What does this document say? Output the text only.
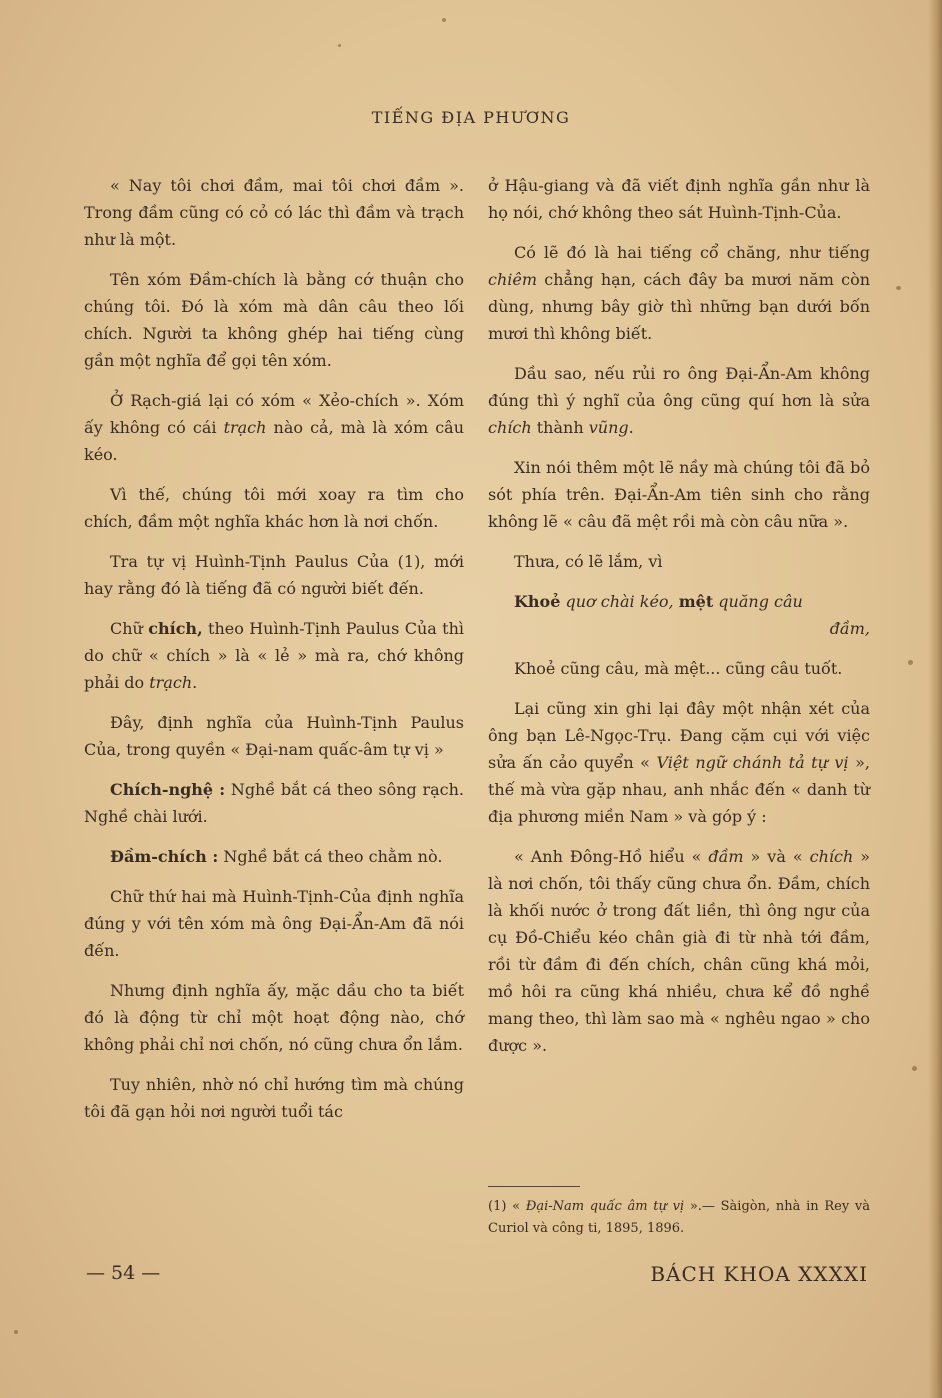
TIẾNG ĐỊA PHƯƠNG

« Nay tôi chơi đầm, mai tôi chơi đầm ». Trong đầm cũng có cỏ có lác thì đầm và trạch như là một.

Tên xóm Đầm-chích là bằng cớ thuận cho chúng tôi. Đó là xóm mà dân câu theo lối chích. Người ta không ghép hai tiếng cùng gần một nghĩa để gọi tên xóm.

Ở Rạch-giá lại có xóm « Xẻo-chích ». Xóm ấy không có cái trạch nào cả, mà là xóm câu kéo.

Vì thế, chúng tôi mới xoay ra tìm cho chích, đầm một nghĩa khác hơn là nơi chốn.

Tra tự vị Huình-Tịnh Paulus Của (1), mới hay rằng đó là tiếng đã có người biết đến.

Chữ chích, theo Huình-Tịnh Paulus Của thì do chữ « chích » là « lẻ » mà ra, chớ không phải do trạch.

Đây, định nghĩa của Huình-Tịnh Paulus Của, trong quyền « Đại-nam quấc-âm tự vị »

Chích-nghệ : Nghề bắt cá theo sông rạch. Nghề chài lưới.

Đầm-chích : Nghề bắt cá theo chằm nò.

Chữ thứ hai mà Huình-Tịnh-Của định nghĩa đúng y với tên xóm mà ông Đại-Ẩn-Am đã nói đến.

Nhưng định nghĩa ấy, mặc dầu cho ta biết đó là động từ chỉ một hoạt động nào, chớ không phải chỉ nơi chốn, nó cũng chưa ổn lắm.

Tuy nhiên, nhờ nó chỉ hướng tìm mà chúng tôi đã gạn hỏi nơi người tuổi tác

ở Hậu-giang và đã viết định nghĩa gần như là họ nói, chớ không theo sát Huình-Tịnh-Của.

Có lẽ đó là hai tiếng cổ chăng, như tiếng chiêm chẳng hạn, cách đây ba mươi năm còn dùng, nhưng bây giờ thì những bạn dưới bốn mươi thì không biết.

Dầu sao, nếu rủi ro ông Đại-Ẩn-Am không đúng thì ý nghĩ của ông cũng quí hơn là sửa chích thành vũng.

Xin nói thêm một lẽ nầy mà chúng tôi đã bỏ sót phía trên. Đại-Ẩn-Am tiên sinh cho rằng không lẽ « câu đã mệt rồi mà còn câu nữa ».

Thưa, có lẽ lắm, vì

Khoẻ quơ chài kéo, mệt quăng câu
đầm,

Khoẻ cũng câu, mà mệt... cũng câu tuốt.

Lại cũng xin ghi lại đây một nhận xét của ông bạn Lê-Ngọc-Trụ. Đang cặm cụi với việc sửa ấn cảo quyển « Việt ngữ chánh tả tự vị », thế mà vừa gặp nhau, anh nhắc đến « danh từ địa phương miền Nam » và góp ý :

« Anh Đông-Hồ hiểu « đầm » và « chích » là nơi chốn, tôi thấy cũng chưa ổn. Đầm, chích là khối nước ở trong đất liền, thì ông ngư của cụ Đồ-Chiểu kéo chân già đi từ nhà tới đầm, rồi từ đầm đi đến chích, chân cũng khá mỏi, mồ hôi ra cũng khá nhiều, chưa kể đồ nghề mang theo, thì làm sao mà « nghêu ngao » cho được ».

(1) « Đại-Nam quấc âm tự vị ».— Sàigòn, nhà in Rey và Curiol và công ti, 1895, 1896.
— 54 —	BÁCH KHOA XXXXI
